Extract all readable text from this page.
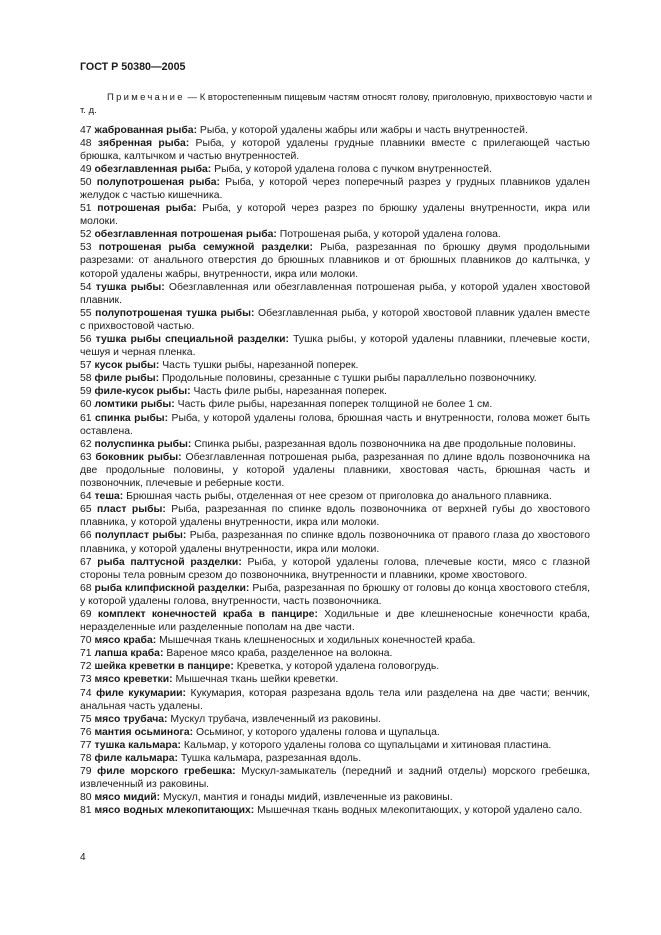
ГОСТ Р 50380—2005

Примечание — К второстепенным пищевым частям относят голову, приголовную, прихвостовую части и т. д.

47 жаброванная рыба: Рыба, у которой удалены жабры или жабры и часть внутренностей.

48 зябренная рыба: Рыба, у которой удалены грудные плавники вместе с прилегающей частью брюшка, калтычком и частью внутренностей.

49 обезглавленная рыба: Рыба, у которой удалена голова с пучком внутренностей.

50 полупотрошеная рыба: Рыба, у которой через поперечный разрез у грудных плавников удален желудок с частью кишечника.

51 потрошеная рыба: Рыба, у которой через разрез по брюшку удалены внутренности, икра или молоки.

52 обезглавленная потрошеная рыба: Потрошеная рыба, у которой удалена голова.

53 потрошеная рыба семужной разделки: Рыба, разрезанная по брюшку двумя продольными разрезами: от анального отверстия до брюшных плавников и от брюшных плавников до калтычка, у которой удалены жабры, внутренности, икра или молоки.

54 тушка рыбы: Обезглавленная или обезглавленная потрошеная рыба, у которой удален хвостовой плавник.

55 полупотрошеная тушка рыбы: Обезглавленная рыба, у которой хвостовой плавник удален вместе с прихвостовой частью.

56 тушка рыбы специальной разделки: Тушка рыбы, у которой удалены плавники, плечевые кости, чешуя и черная пленка.

57 кусок рыбы: Часть тушки рыбы, нарезанной поперек.

58 филе рыбы: Продольные половины, срезанные с тушки рыбы параллельно позвоночнику.

59 филе-кусок рыбы: Часть филе рыбы, нарезанная поперек.

60 ломтики рыбы: Часть филе рыбы, нарезанная поперек толщиной не более 1 см.

61 спинка рыбы: Рыба, у которой удалены голова, брюшная часть и внутренности, голова может быть оставлена.

62 полуспинка рыбы: Спинка рыбы, разрезанная вдоль позвоночника на две продольные половины.

63 боковник рыбы: Обезглавленная потрошеная рыба, разрезанная по длине вдоль позвоночника на две продольные половины, у которой удалены плавники, хвостовая часть, брюшная часть и позвоночник, плечевые и реберные кости.

64 теша: Брюшная часть рыбы, отделенная от нее срезом от приголовка до анального плавника.

65 пласт рыбы: Рыба, разрезанная по спинке вдоль позвоночника от верхней губы до хвостового плавника, у которой удалены внутренности, икра или молоки.

66 полупласт рыбы: Рыба, разрезанная по спинке вдоль позвоночника от правого глаза до хвостового плавника, у которой удалены внутренности, икра или молоки.

67 рыба палтусной разделки: Рыба, у которой удалены голова, плечевые кости, мясо с глазной стороны тела ровным срезом до позвоночника, внутренности и плавники, кроме хвостового.

68 рыба клипфискной разделки: Рыба, разрезанная по брюшку от головы до конца хвостового стебля, у которой удалены голова, внутренности, часть позвоночника.

69 комплект конечностей краба в панцире: Ходильные и две клешненосные конечности краба, неразделенные или разделенные пополам на две части.

70 мясо краба: Мышечная ткань клешненосных и ходильных конечностей краба.

71 лапша краба: Вареное мясо краба, разделенное на волокна.

72 шейка креветки в панцире: Креветка, у которой удалена головогрудь.

73 мясо креветки: Мышечная ткань шейки креветки.

74 филе кукумарии: Кукумария, которая разрезана вдоль тела или разделена на две части; венчик, анальная часть удалены.

75 мясо трубача: Мускул трубача, извлеченный из раковины.

76 мантия осьминога: Осьминог, у которого удалены голова и щупальца.

77 тушка кальмара: Кальмар, у которого удалены голова со щупальцами и хитиновая пластина.

78 филе кальмара: Тушка кальмара, разрезанная вдоль.

79 филе морского гребешка: Мускул-замыкатель (передний и задний отделы) морского гребешка, извлеченный из раковины.

80 мясо мидий: Мускул, мантия и гонады мидий, извлеченные из раковины.

81 мясо водных млекопитающих: Мышечная ткань водных млекопитающих, у которой удалено сало.

4
